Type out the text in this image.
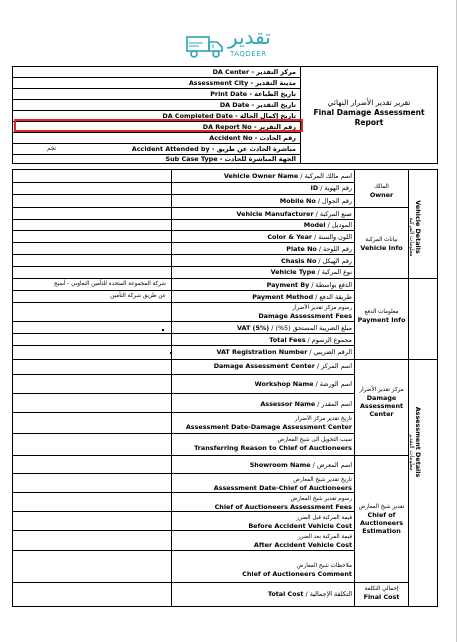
تقدير
TAQDEER
DA Center - مركز التقدير
Assessment City - مدينة التقدير
Print Date - تاريخ الطباعة
DA Date - تاريخ التقدير
DA Completed Date - تاريخ إكمال الحالة
DA Report No - رقم التقرير
Accident No - رقم الحادث
Accident Attended by - مباشرة الحادث عن طريق
نجم
Sub Case Type - الجهة المباشرة للحادث
تقرير تقدير الأضرار النهائي
Final Damage Assessment Report
Vehicle Details
معلومات المركبة
Assessment Details
معلومات التقدير
المالك
Owner
بيانات المركبة
Vehicle Info
معلومات الدفع
Payment Info
مركز تقدير الأضرار
Damage Assessment Center
تقدير شيخ المعارض
Chief of Auctioneers Estimation
إجمالي التكلفة
Final Cost
Vehicle Owner Name / اسم مالك المركبة
ID / رقم الهوية
Mobile No / رقم الجوال
Vehicle Manufacturer / صنع المركبة
Model / الموديل
Color & Year / اللون والسنة
Plate No / رقم اللوحة
Chasis No / رقم الهيكل
Vehicle Type / نوع المركبة
Payment By / الدفع بواسطة
Payment Method / طريقة الدفع
رسوم مركز تقدير الأضرار
Damage Assessment Fees
VAT (5%) / مبلغ الضريبة المستحق (5%)
Total Fees / مجموع الرسوم
VAT Registration Number / الرقم الضريبي
شركة المجموعة المتحدة للتأمين التعاوني - أسيج
عن طريق شركة التأمين
Damage Assessment Center / اسم المركز
Workshop Name / اسم الورشة
Assessor Name / اسم المقدر
تاريخ تقدير مركز الأضرار
Assessment Date-Damage Assessment Center
سبب التحويل الى شيخ المعارض
Transferring Reason to Chief of Auctioneers
Showroom Name / اسم المعرض
تاريخ تقدير شيخ المعارض
Assessment Date-Chief of Auctioneers
رسوم تقدير شيخ المعارض
Chief of Auctioneers Assessment Fees
قيمة المركبة قبل الضرر
Before Accident Vehicle Cost
قيمة المركبة بعد الضرر
After Accident Vehicle Cost
ملاحظات شيخ المعارض
Chief of Auctioneers Comment
Total Cost / التكلفة الإجمالية
